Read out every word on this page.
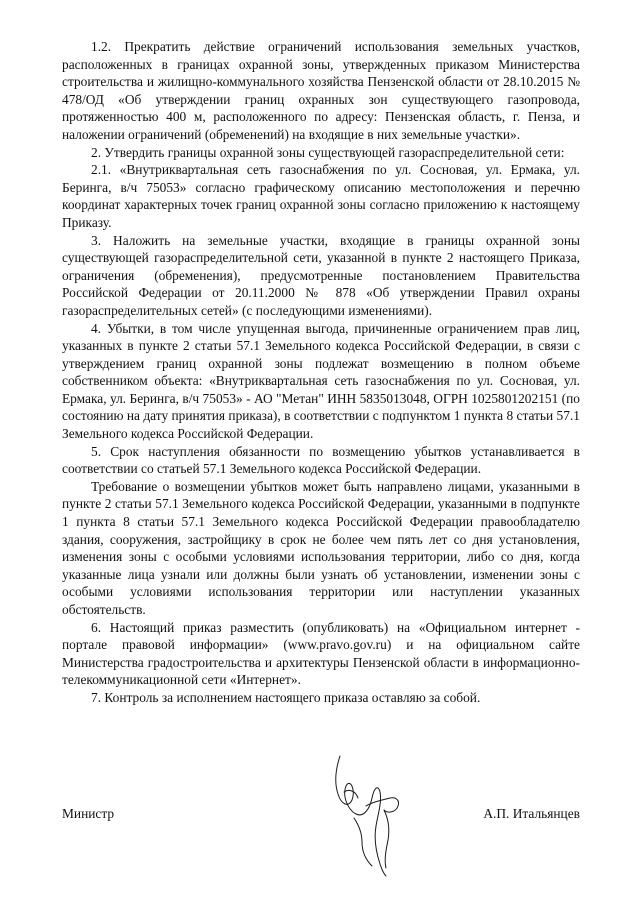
1.2. Прекратить действие ограничений использования земельных участков, расположенных в границах охранной зоны, утвержденных приказом Министерства строительства и жилищно-коммунального хозяйства Пензенской области от 28.10.2015 № 478/ОД «Об утверждении границ охранных зон существующего газопровода, протяженностью 400 м, расположенного по адресу: Пензенская область, г. Пенза, и наложении ограничений (обременений) на входящие в них земельные участки».

2. Утвердить границы охранной зоны существующей газораспределительной сети:

2.1. «Внутриквартальная сеть газоснабжения по ул. Сосновая, ул. Ермака, ул. Беринга, в/ч 75053» согласно графическому описанию местоположения и перечню координат характерных точек границ охранной зоны согласно приложению к настоящему Приказу.

3. Наложить на земельные участки, входящие в границы охранной зоны существующей газораспределительной сети, указанной в пункте 2 настоящего Приказа, ограничения (обременения), предусмотренные постановлением Правительства Российской Федерации от 20.11.2000 № 878 «Об утверждении Правил охраны газораспределительных сетей» (с последующими изменениями).

4. Убытки, в том числе упущенная выгода, причиненные ограничением прав лиц, указанных в пункте 2 статьи 57.1 Земельного кодекса Российской Федерации, в связи с утверждением границ охранной зоны подлежат возмещению в полном объеме собственником объекта: «Внутриквартальная сеть газоснабжения по ул. Сосновая, ул. Ермака, ул. Беринга, в/ч 75053» - АО "Метан" ИНН 5835013048, ОГРН 1025801202151 (по состоянию на дату принятия приказа), в соответствии с подпунктом 1 пункта 8 статьи 57.1 Земельного кодекса Российской Федерации.

5. Срок наступления обязанности по возмещению убытков устанавливается в соответствии со статьей 57.1 Земельного кодекса Российской Федерации.

Требование о возмещении убытков может быть направлено лицами, указанными в пункте 2 статьи 57.1 Земельного кодекса Российской Федерации, указанными в подпункте 1 пункта 8 статьи 57.1 Земельного кодекса Российской Федерации правообладателю здания, сооружения, застройщику в срок не более чем пять лет со дня установления, изменения зоны с особыми условиями использования территории, либо со дня, когда указанные лица узнали или должны были узнать об установлении, изменении зоны с особыми условиями использования территории или наступлении указанных обстоятельств.

6. Настоящий приказ разместить (опубликовать) на «Официальном интернет - портале правовой информации» (www.pravo.gov.ru) и на официальном сайте Министерства градостроительства и архитектуры Пензенской области в информационно-телекоммуникационной сети «Интернет».

7. Контроль за исполнением настоящего приказа оставляю за собой.

Министр	А.П. Итальянцев
